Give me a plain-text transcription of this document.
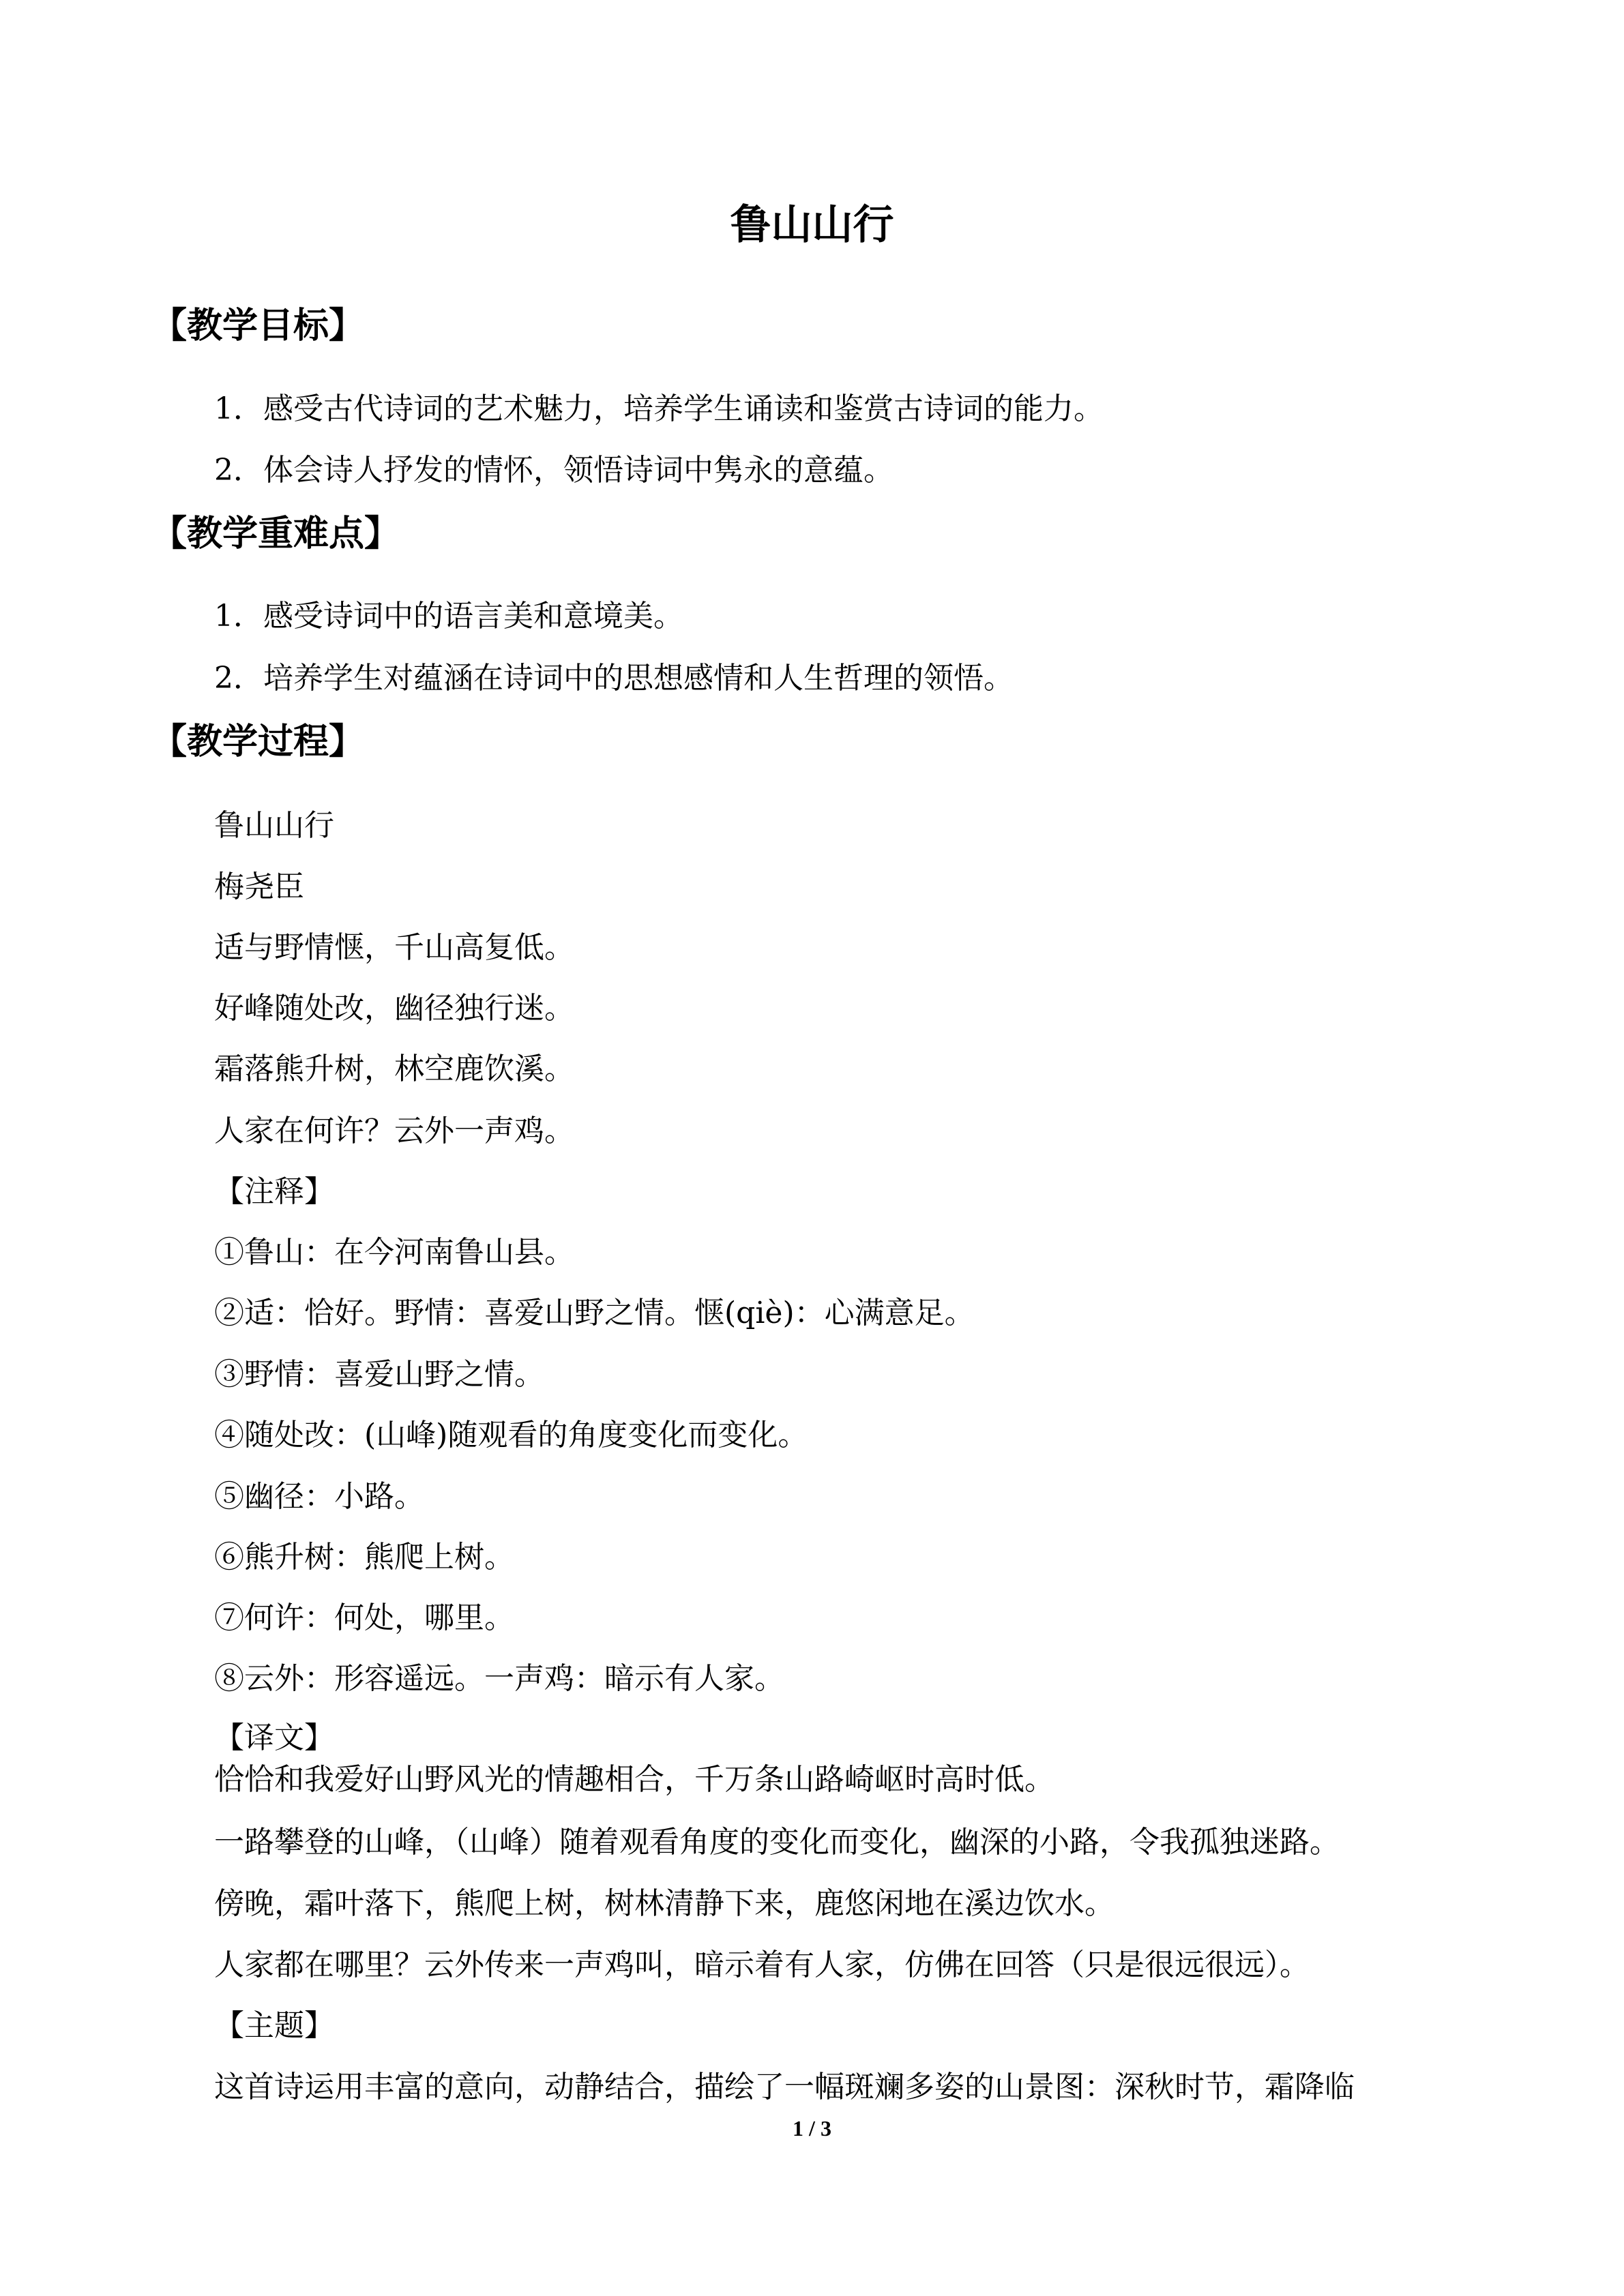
鲁山山行
【教学目标】
1．感受古代诗词的艺术魅力，培养学生诵读和鉴赏古诗词的能力。
2．体会诗人抒发的情怀，领悟诗词中隽永的意蕴。
【教学重难点】
1．感受诗词中的语言美和意境美。
2．培养学生对蕴涵在诗词中的思想感情和人生哲理的领悟。
【教学过程】
鲁山山行
梅尧臣
适与野情惬，千山高复低。
好峰随处改，幽径独行迷。
霜落熊升树，林空鹿饮溪。
人家在何许？云外一声鸡。
【注释】
①鲁山：在今河南鲁山县。
②适：恰好。野情：喜爱山野之情。惬(qiè)：心满意足。
③野情：喜爱山野之情。
④随处改：(山峰)随观看的角度变化而变化。
⑤幽径：小路。
⑥熊升树：熊爬上树。
⑦何许：何处，哪里。
⑧云外：形容遥远。一声鸡：暗示有人家。
【译文】
恰恰和我爱好山野风光的情趣相合，千万条山路崎岖时高时低。
一路攀登的山峰，（山峰）随着观看角度的变化而变化，幽深的小路，令我孤独迷路。
傍晚，霜叶落下，熊爬上树，树林清静下来，鹿悠闲地在溪边饮水。
人家都在哪里？云外传来一声鸡叫，暗示着有人家，仿佛在回答（只是很远很远）。
【主题】
这首诗运用丰富的意向，动静结合，描绘了一幅斑斓多姿的山景图：深秋时节，霜降临
1 / 3
